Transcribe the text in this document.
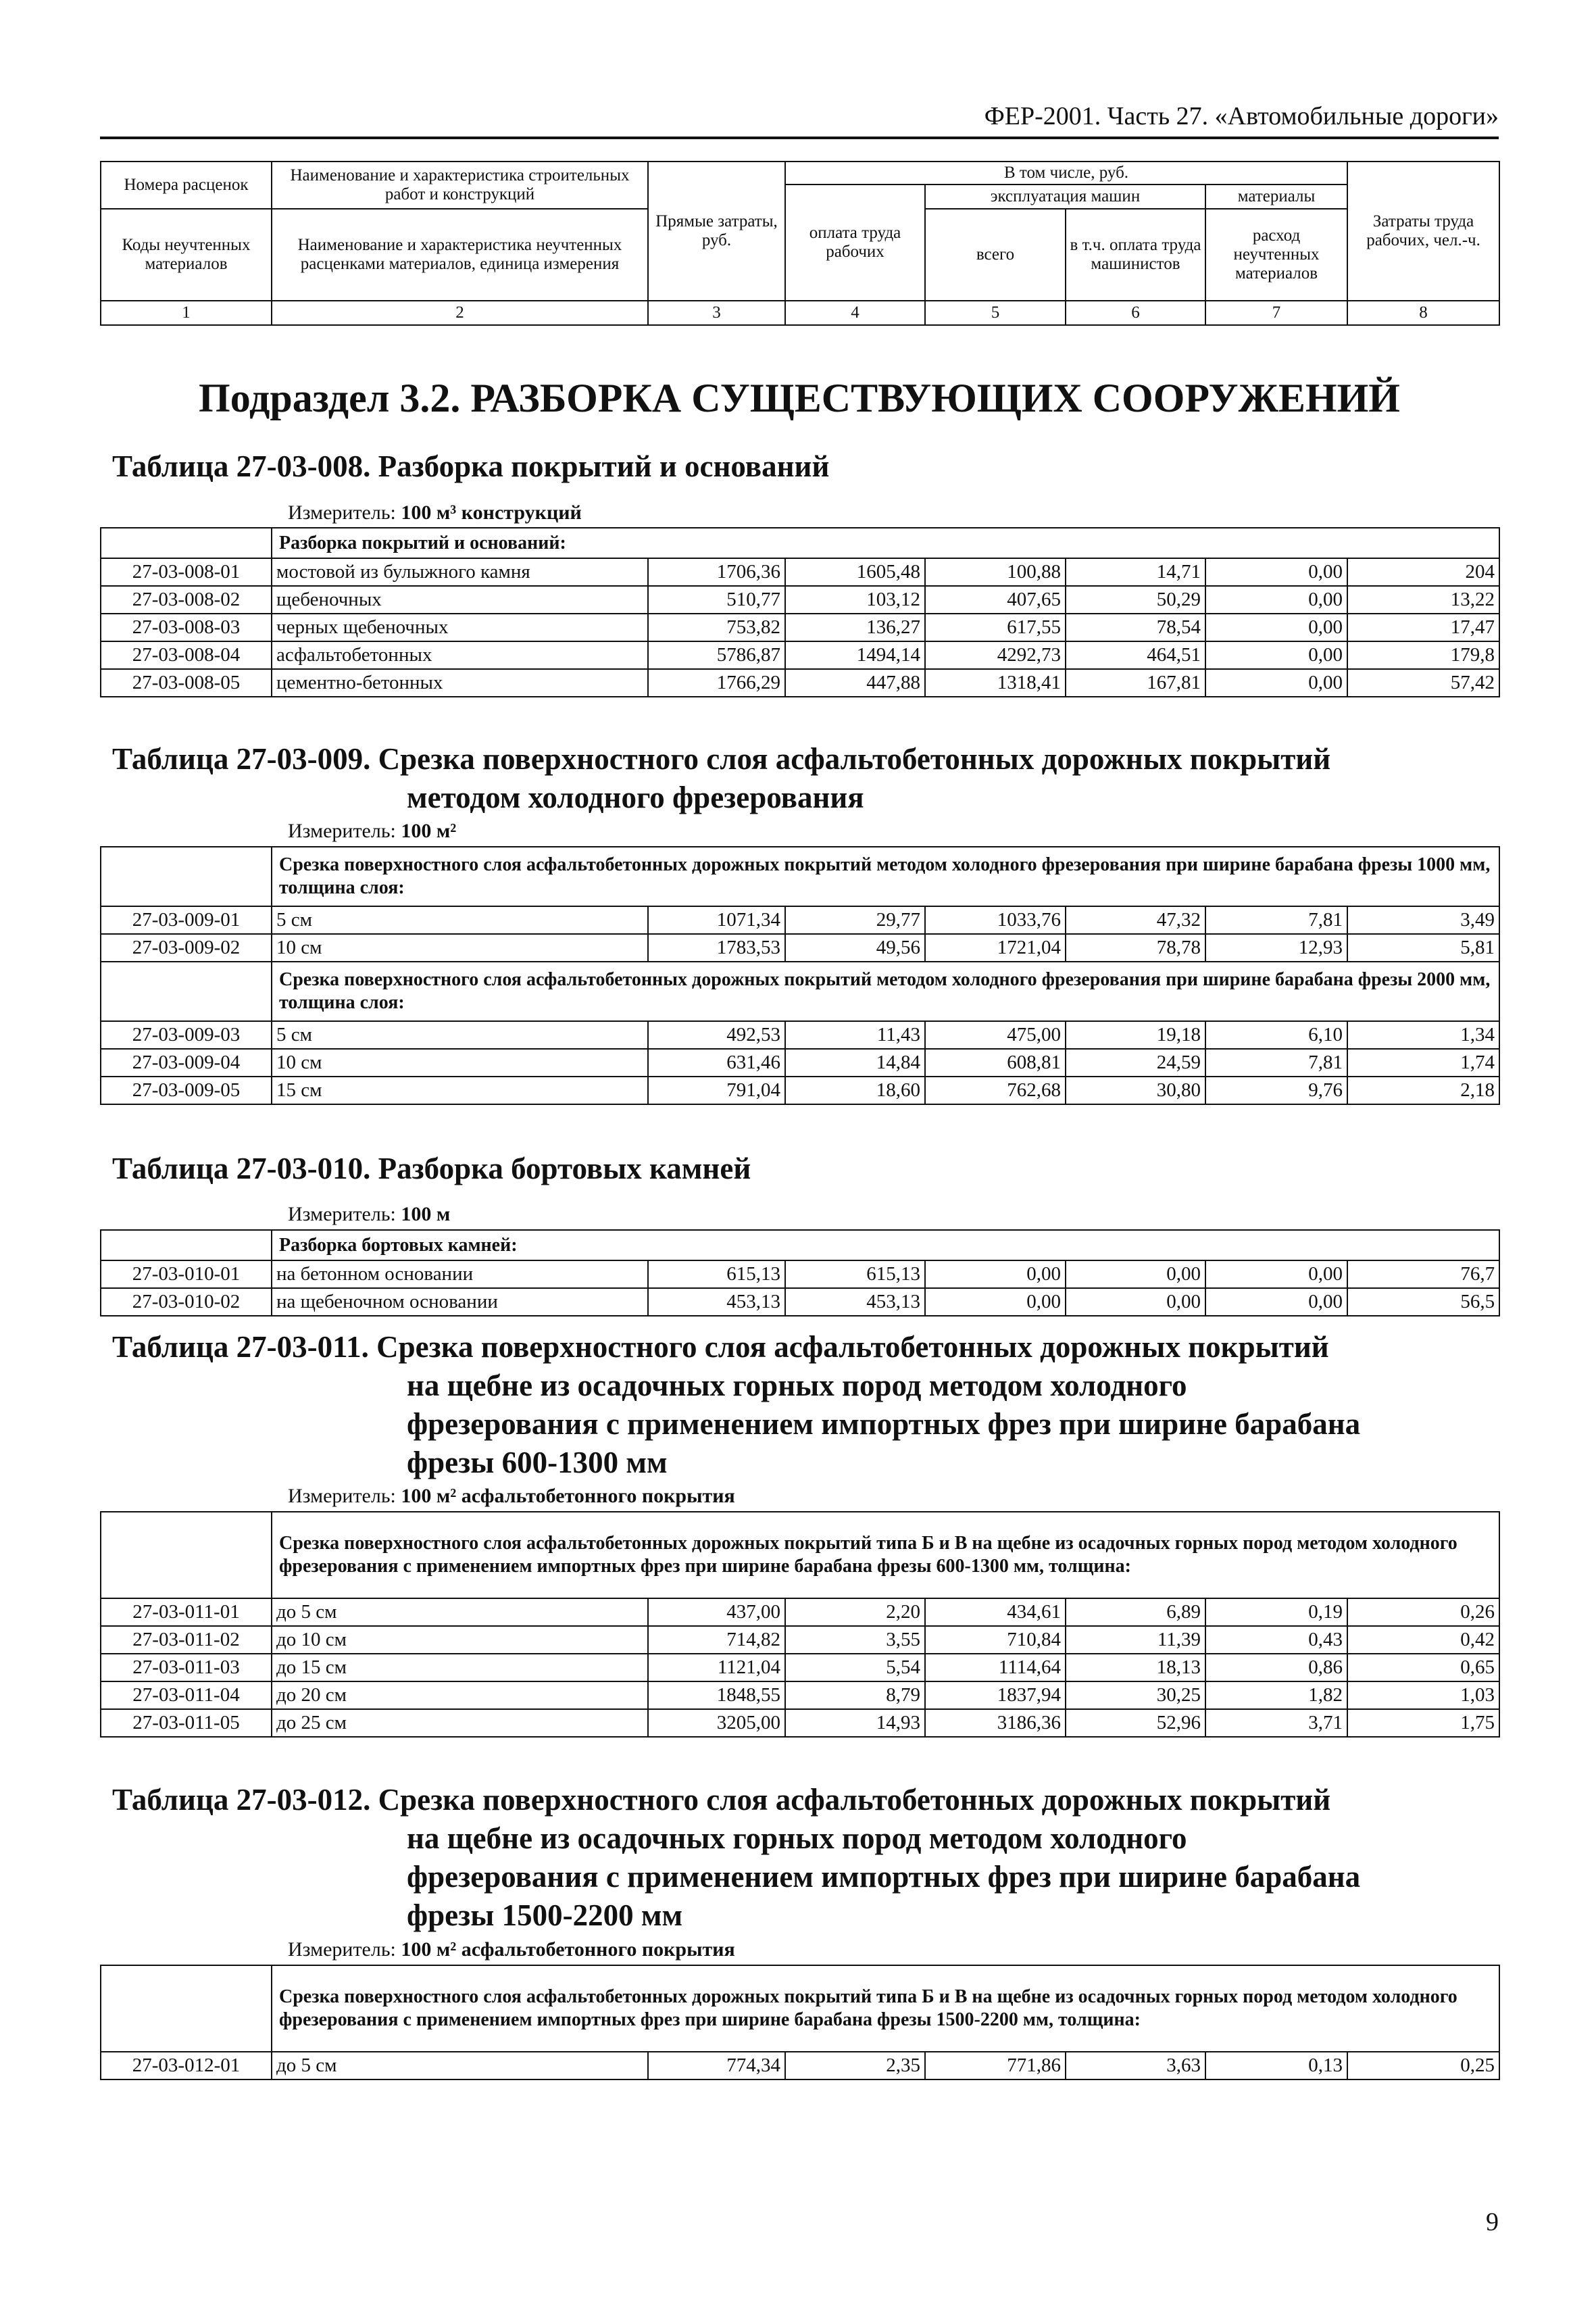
ФЕР-2001. Часть 27. «Автомобильные дороги»
Номера расценок	Наименование и характеристика строительных работ и конструкций	Прямые затраты, руб.	В том числе, руб.				Затраты труда рабочих, чел.-ч.
			оплата труда рабочих	эксплуатация машин		материалы	
Коды неучтенных материалов	Наименование и характеристика неучтенных расценками материалов, единица измерения			всего	в т.ч. оплата труда машинистов	расход неучтенных материалов	

1	2	3	4	5	6	7	8
Подраздел 3.2. РАЗБОРКА СУЩЕСТВУЮЩИХ СООРУЖЕНИЙ
Таблица 27-03-008. Разборка покрытий и оснований
Измеритель: 100 м³ конструкций
	Разборка покрытий и оснований:						
27-03-008-01	мостовой из булыжного камня	1706,36	1605,48	100,88	14,71	0,00	204
27-03-008-02	щебеночных	510,77	103,12	407,65	50,29	0,00	13,22
27-03-008-03	черных щебеночных	753,82	136,27	617,55	78,54	0,00	17,47
27-03-008-04	асфальтобетонных	5786,87	1494,14	4292,73	464,51	0,00	179,8
27-03-008-05	цементно-бетонных	1766,29	447,88	1318,41	167,81	0,00	57,42
Таблица 27-03-009. Срезка поверхностного слоя асфальтобетонных дорожных покрытий
методом холодного фрезерования
Измеритель: 100 м²
	Срезка поверхностного слоя асфальтобетонных дорожных покрытий методом холодного фрезерования при ширине барабана фрезы 1000 мм, толщина слоя:						
27-03-009-01	5 см	1071,34	29,77	1033,76	47,32	7,81	3,49
27-03-009-02	10 см	1783,53	49,56	1721,04	78,78	12,93	5,81
	Срезка поверхностного слоя асфальтобетонных дорожных покрытий методом холодного фрезерования при ширине барабана фрезы 2000 мм, толщина слоя:						
27-03-009-03	5 см	492,53	11,43	475,00	19,18	6,10	1,34
27-03-009-04	10 см	631,46	14,84	608,81	24,59	7,81	1,74
27-03-009-05	15 см	791,04	18,60	762,68	30,80	9,76	2,18
Таблица 27-03-010. Разборка бортовых камней
Измеритель: 100 м
	Разборка бортовых камней:						
27-03-010-01	на бетонном основании	615,13	615,13	0,00	0,00	0,00	76,7
27-03-010-02	на щебеночном основании	453,13	453,13	0,00	0,00	0,00	56,5
Таблица 27-03-011. Срезка поверхностного слоя асфальтобетонных дорожных покрытий
на щебне из осадочных горных пород методом холодного
фрезерования с применением импортных фрез при ширине барабана
фрезы 600-1300 мм
Измеритель: 100 м² асфальтобетонного покрытия
	Срезка поверхностного слоя асфальтобетонных дорожных покрытий типа Б и В на щебне из осадочных горных пород методом холодного фрезерования с применением импортных фрез при ширине барабана фрезы 600-1300 мм, толщина:						
27-03-011-01	до 5 см	437,00	2,20	434,61	6,89	0,19	0,26
27-03-011-02	до 10 см	714,82	3,55	710,84	11,39	0,43	0,42
27-03-011-03	до 15 см	1121,04	5,54	1114,64	18,13	0,86	0,65
27-03-011-04	до 20 см	1848,55	8,79	1837,94	30,25	1,82	1,03
27-03-011-05	до 25 см	3205,00	14,93	3186,36	52,96	3,71	1,75
Таблица 27-03-012. Срезка поверхностного слоя асфальтобетонных дорожных покрытий
на щебне из осадочных горных пород методом холодного
фрезерования с применением импортных фрез при ширине барабана
фрезы 1500-2200 мм
Измеритель: 100 м² асфальтобетонного покрытия
	Срезка поверхностного слоя асфальтобетонных дорожных покрытий типа Б и В на щебне из осадочных горных пород методом холодного фрезерования с применением импортных фрез при ширине барабана фрезы 1500-2200 мм, толщина:						
27-03-012-01	до 5 см	774,34	2,35	771,86	3,63	0,13	0,25
9
